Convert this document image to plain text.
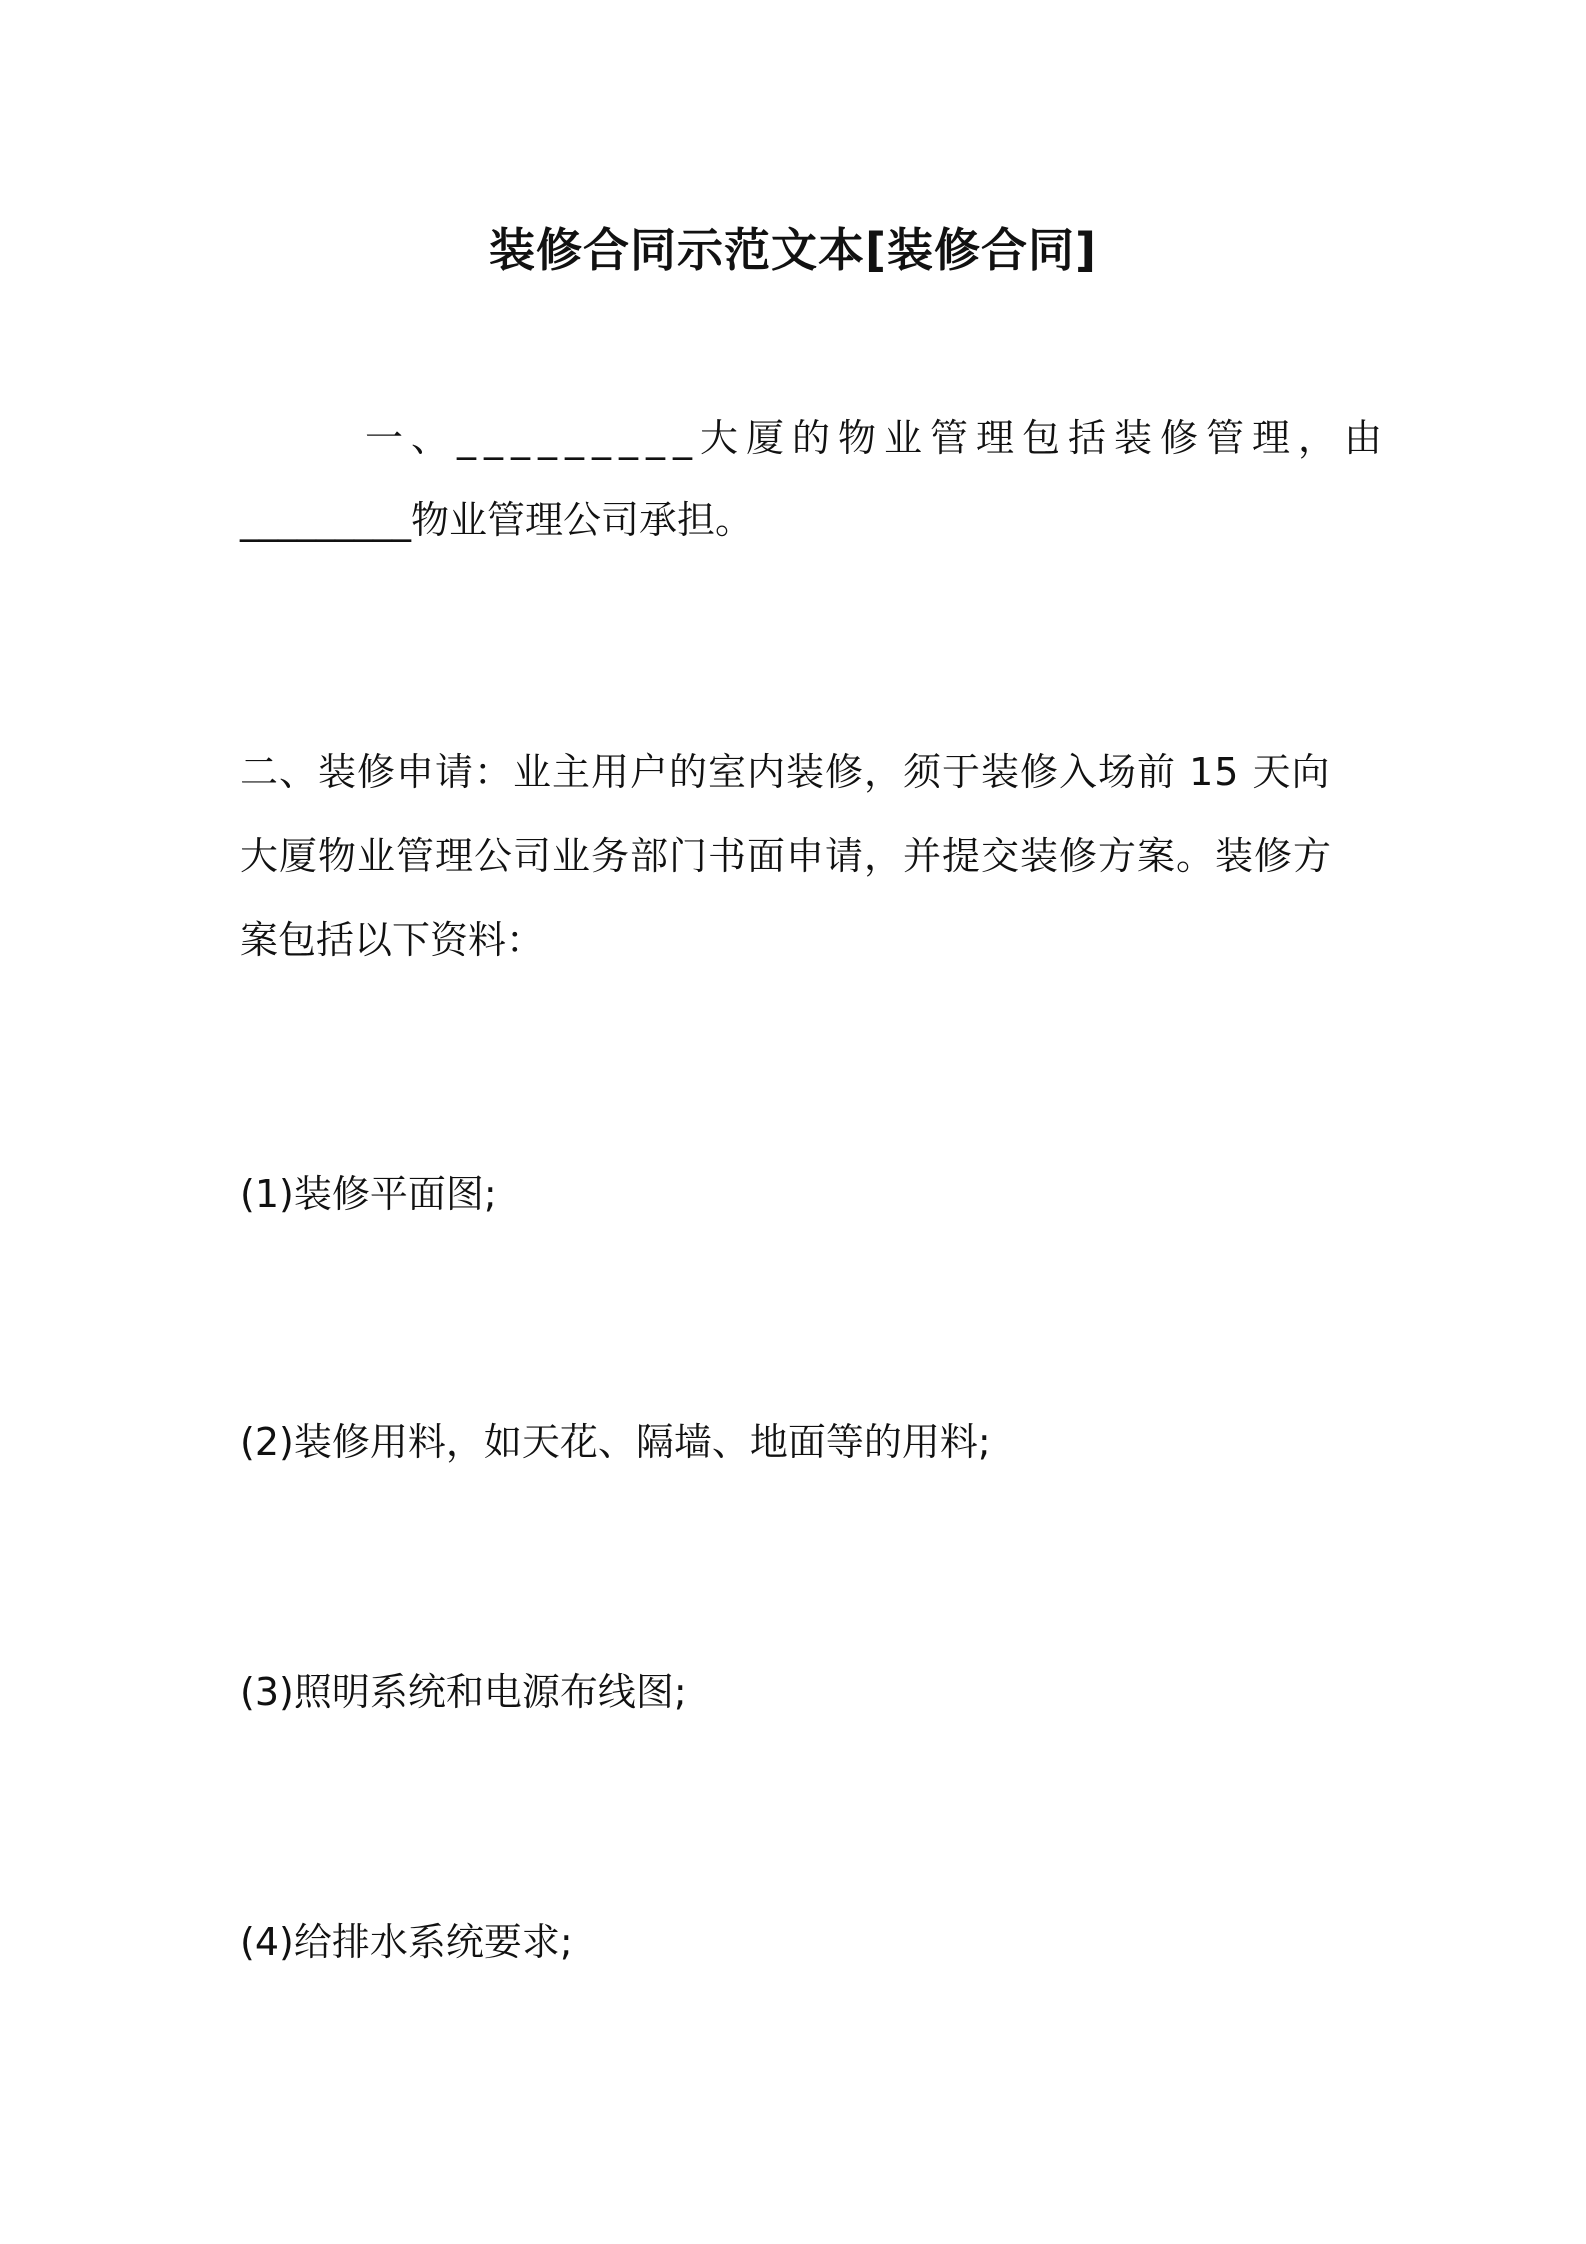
装修合同示范文本[装修合同]
一、_________大厦的物业管理包括装修管理，由
_________物业管理公司承担。
二、装修申请：业主用户的室内装修，须于装修入场前 15 天向
大厦物业管理公司业务部门书面申请，并提交装修方案。装修方
案包括以下资料：
(1)装修平面图;
(2)装修用料，如天花、隔墙、地面等的用料;
(3)照明系统和电源布线图;
(4)给排水系统要求;
